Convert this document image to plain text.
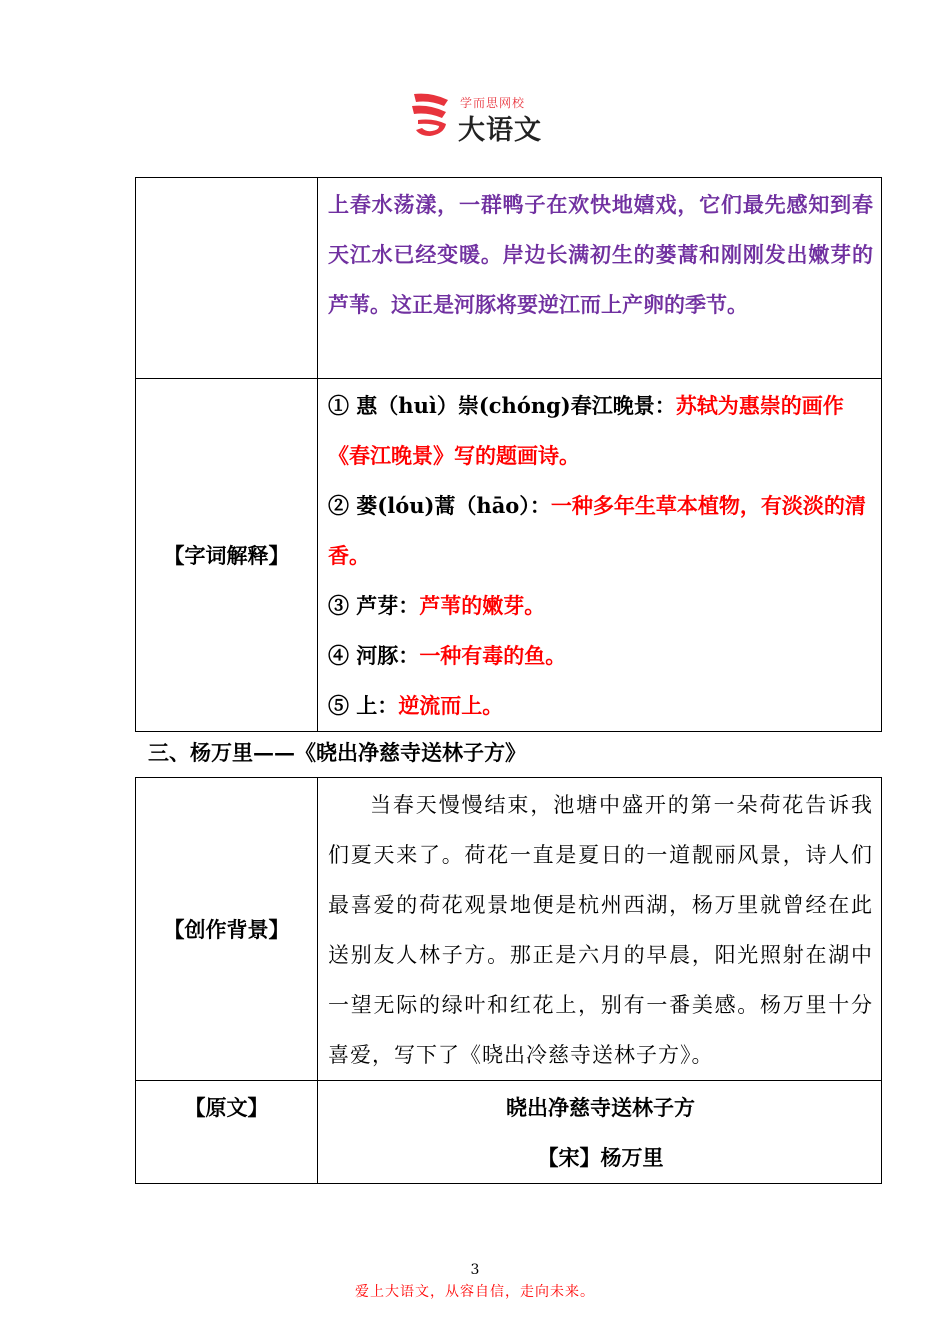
学而思网校
大语文

	上春水荡漾，一群鸭子在欢快地嬉戏，它们最先感知到春天江水已经变暖。岸边长满初生的蒌蒿和刚刚发出嫩芽的芦苇。这正是河豚将要逆江而上产卵的季节。

【字词解释】	① 惠（huì）崇(chóng)春江晚景：苏轼为惠崇的画作《春江晚景》写的题画诗。
② 蒌(lóu)蒿（hāo）：一种多年生草本植物，有淡淡的清香。
③ 芦芽：芦苇的嫩芽。
④ 河豚：一种有毒的鱼。
⑤ 上：逆流而上。
三、杨万里——《晓出净慈寺送林子方》
【创作背景】	当春天慢慢结束，池塘中盛开的第一朵荷花告诉我们夏天来了。荷花一直是夏日的一道靓丽风景，诗人们最喜爱的荷花观景地便是杭州西湖，杨万里就曾经在此送别友人林子方。那正是六月的早晨，阳光照射在湖中一望无际的绿叶和红花上，别有一番美感。杨万里十分喜爱，写下了《晓出冷慈寺送林子方》。

【原文】	晓出净慈寺送林子方
【宋】杨万里
3
爱上大语文，从容自信，走向未来。
